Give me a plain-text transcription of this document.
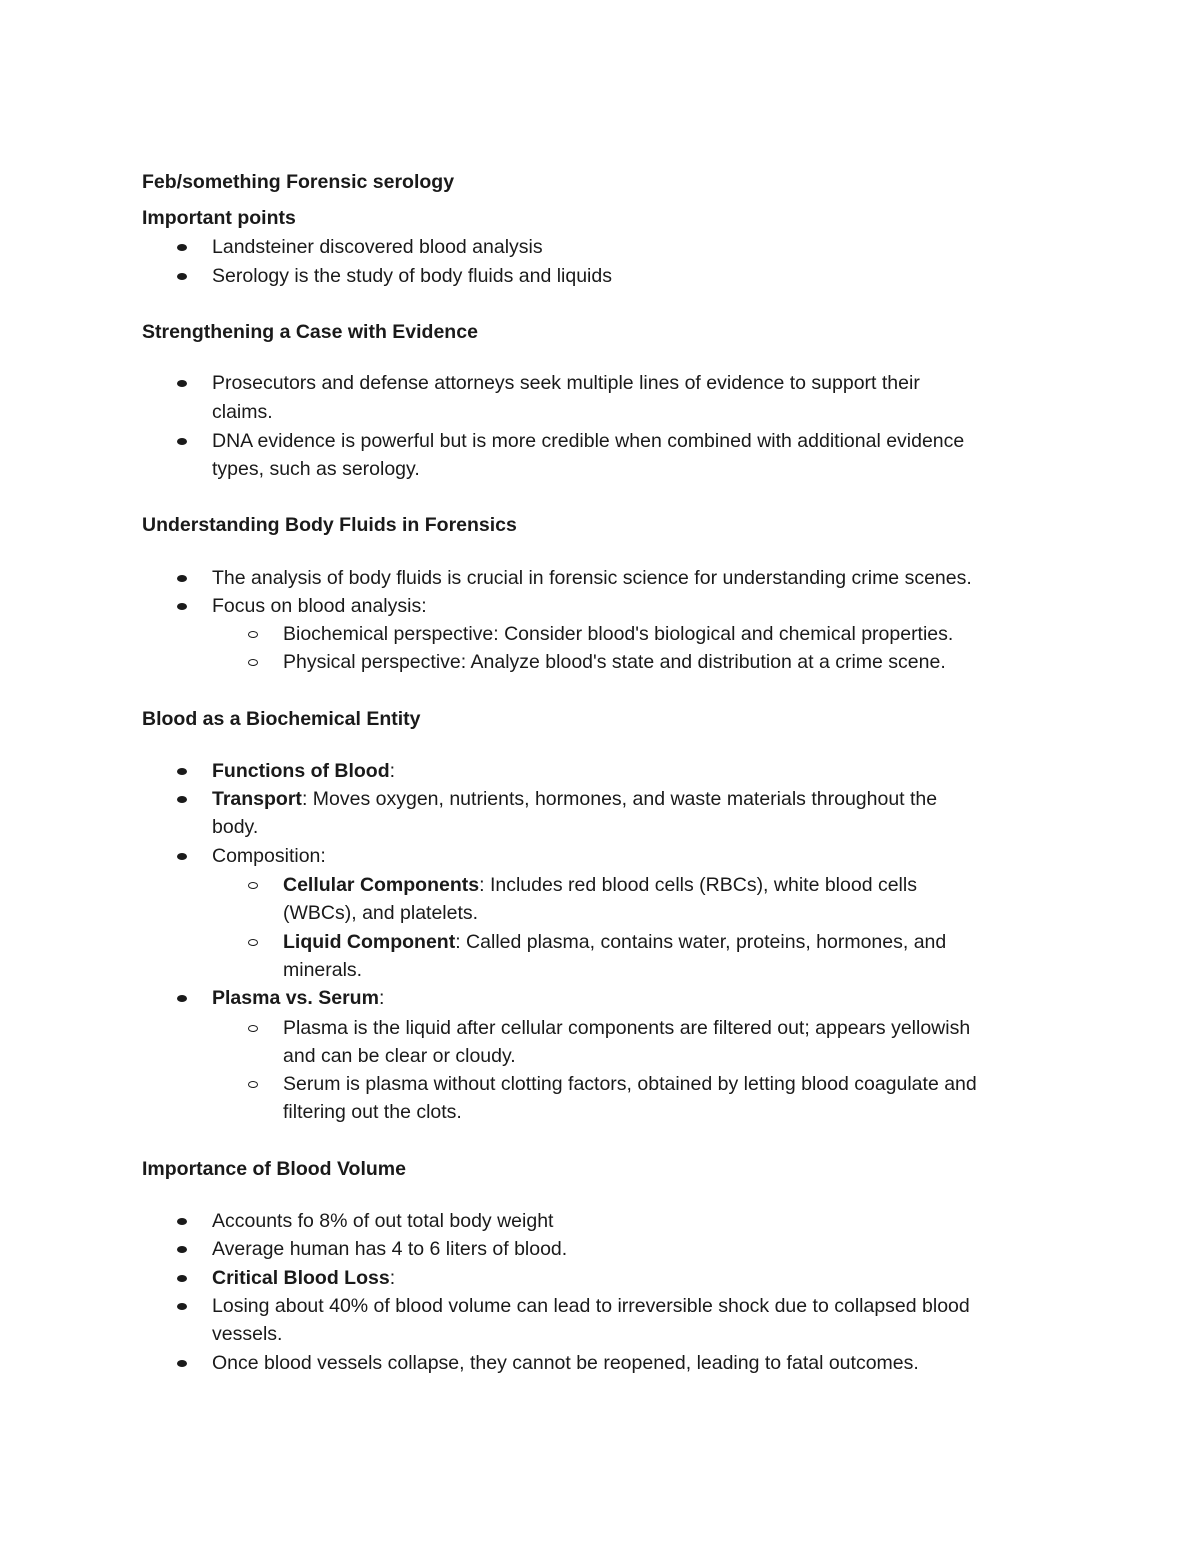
Feb/something Forensic serology
Important points
Landsteiner discovered blood analysis
Serology is the study of body fluids and liquids
Strengthening a Case with Evidence
Prosecutors and defense attorneys seek multiple lines of evidence to support their
claims.
DNA evidence is powerful but is more credible when combined with additional evidence
types, such as serology.
Understanding Body Fluids in Forensics
The analysis of body fluids is crucial in forensic science for understanding crime scenes.
Focus on blood analysis:
Biochemical perspective: Consider blood's biological and chemical properties.
Physical perspective: Analyze blood's state and distribution at a crime scene.
Blood as a Biochemical Entity
Functions of Blood:
Transport: Moves oxygen, nutrients, hormones, and waste materials throughout the
body.
Composition:
Cellular Components: Includes red blood cells (RBCs), white blood cells
(WBCs), and platelets.
Liquid Component: Called plasma, contains water, proteins, hormones, and
minerals.
Plasma vs. Serum:
Plasma is the liquid after cellular components are filtered out; appears yellowish
and can be clear or cloudy.
Serum is plasma without clotting factors, obtained by letting blood coagulate and
filtering out the clots.
Importance of Blood Volume
Accounts fo 8% of out total body weight
Average human has 4 to 6 liters of blood.
Critical Blood Loss:
Losing about 40% of blood volume can lead to irreversible shock due to collapsed blood
vessels.
Once blood vessels collapse, they cannot be reopened, leading to fatal outcomes.
